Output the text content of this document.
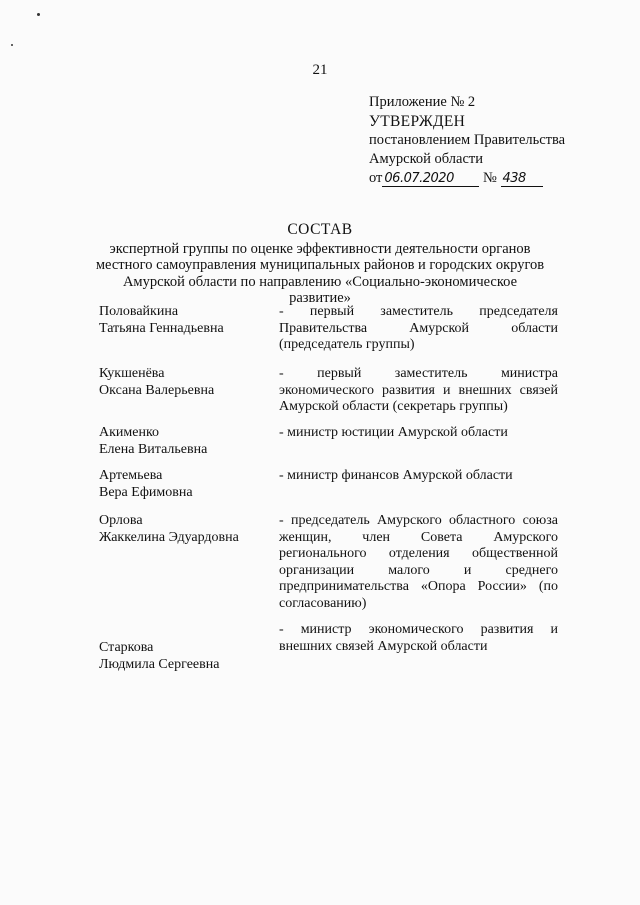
21
Приложение № 2
УТВЕРЖДЕН
постановлением Правительства
Амурской области
от 06.07.2020 № 438
СОСТАВ
экспертной группы по оценке эффективности деятельности органов местного самоуправления муниципальных районов и городских округов Амурской области по направлению «Социально-экономическое развитие»
Половайкина
Татьяна Геннадьевна
- первый заместитель председателя Правительства Амурской области (председатель группы)
Кукшенёва
Оксана Валерьевна
- первый заместитель министра экономического развития и внешних связей Амурской области (секретарь группы)
Акименко
Елена Витальевна
- министр юстиции Амурской области
Артемьева
Вера Ефимовна
- министр финансов Амурской области
Орлова
Жаккелина Эдуардовна
- председатель Амурского областного союза женщин, член Совета Амурского регионального отделения общественной организации малого и среднего предпринимательства «Опора России» (по согласованию)
Старкова
Людмила Сергеевна
- министр экономического развития и внешних связей Амурской области
